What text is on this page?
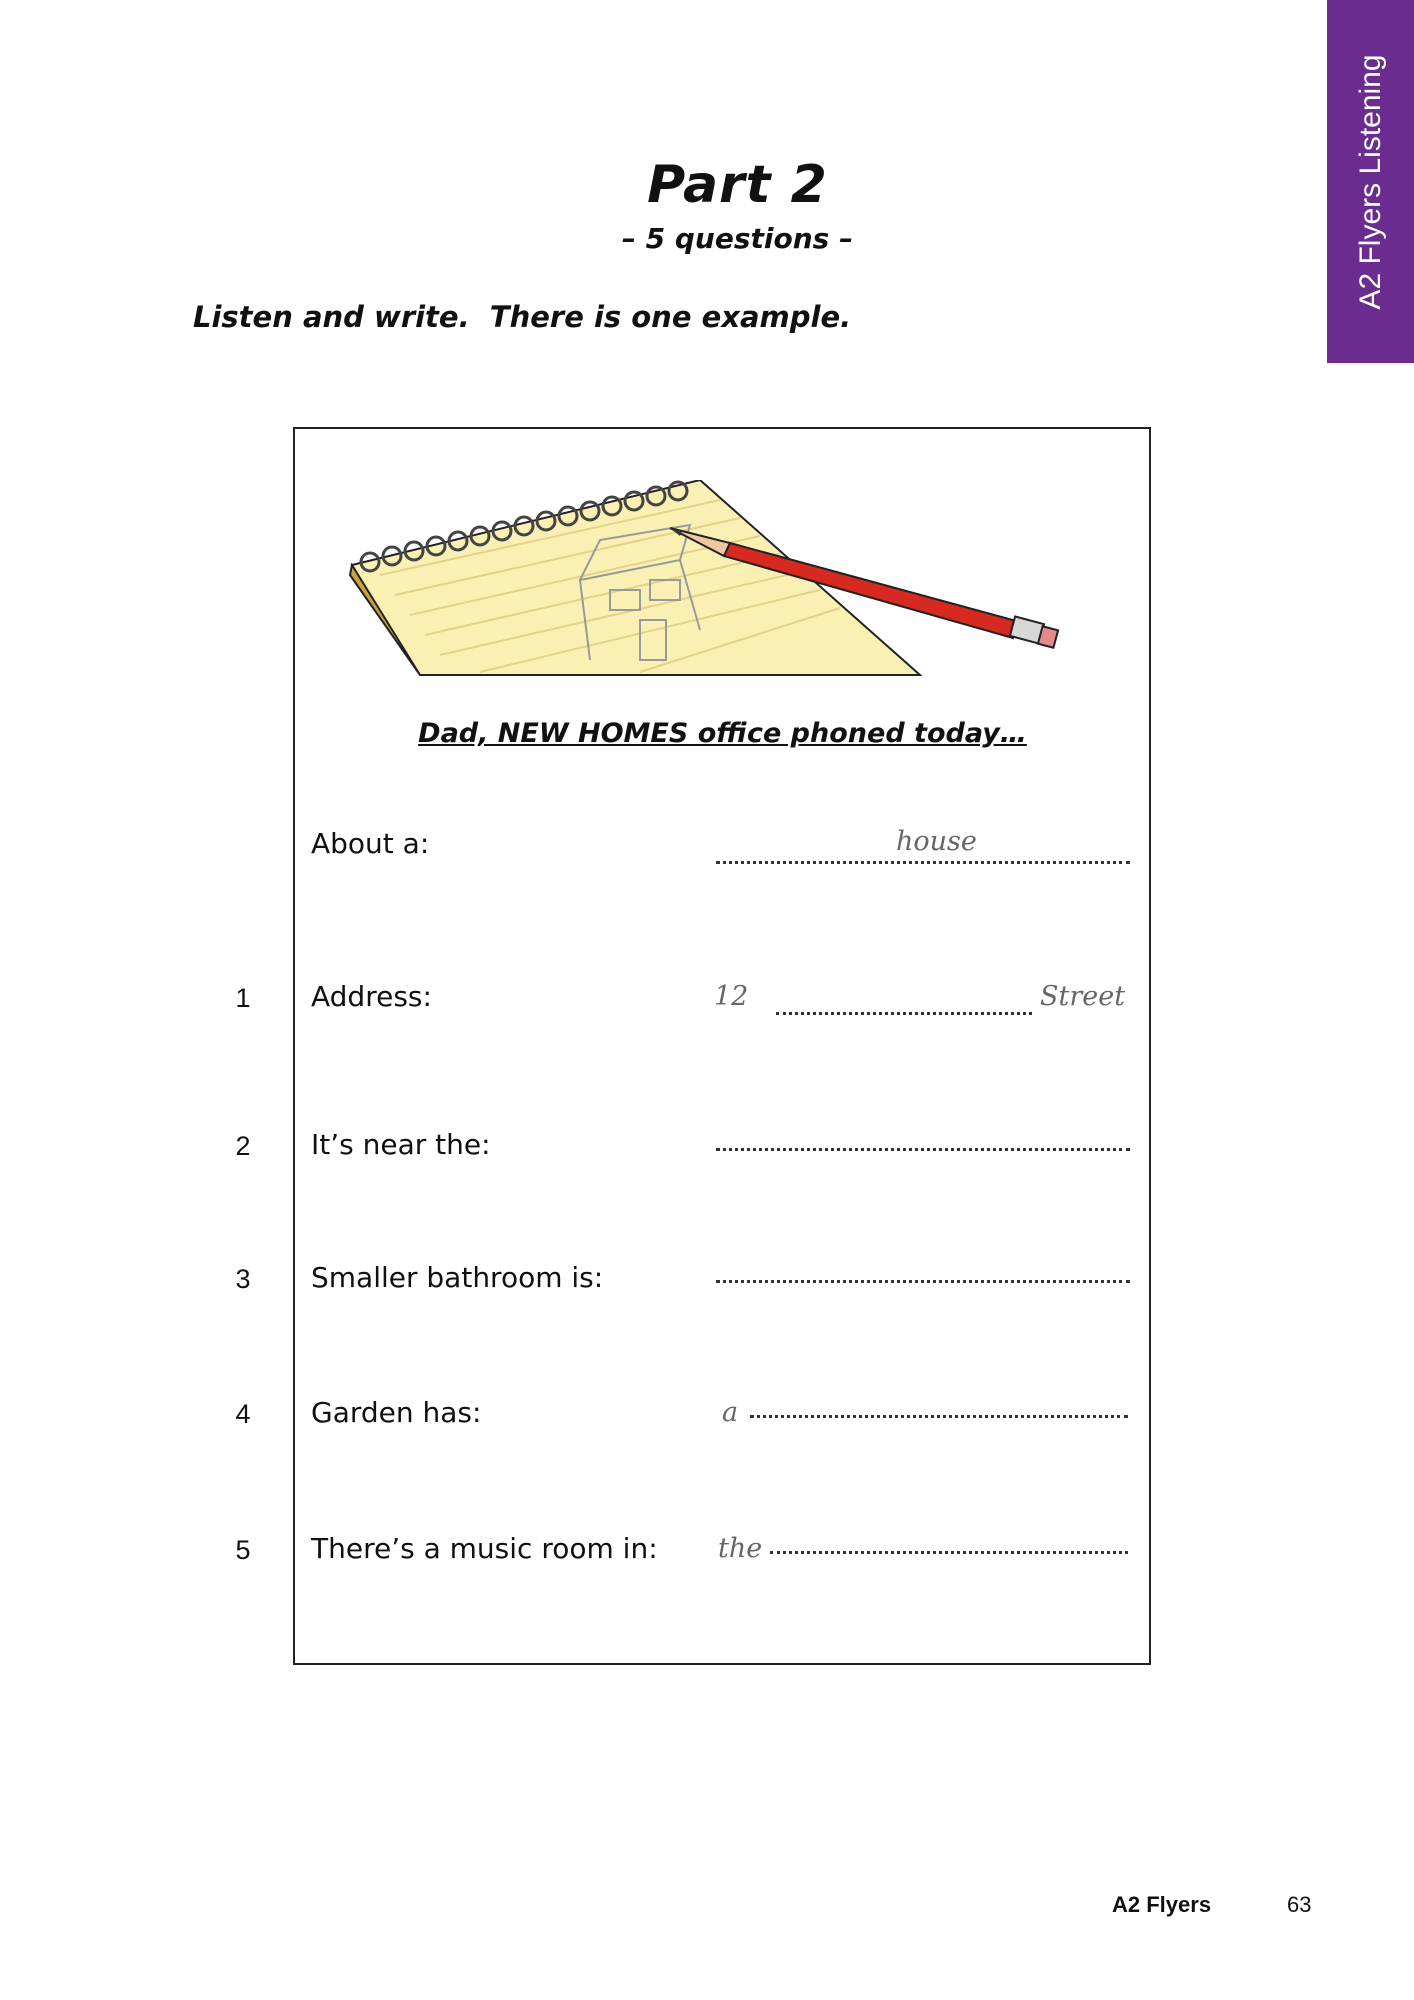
A2 Flyers Listening
Part 2
– 5 questions –
Listen and write.  There is one example.
Dad, NEW HOMES office phoned today…
About a:	house
1	Address:	12	Street
2	It’s near the:
3	Smaller bathroom is:
4	Garden has:	a
5	There’s a music room in: the
A2 Flyers	63
